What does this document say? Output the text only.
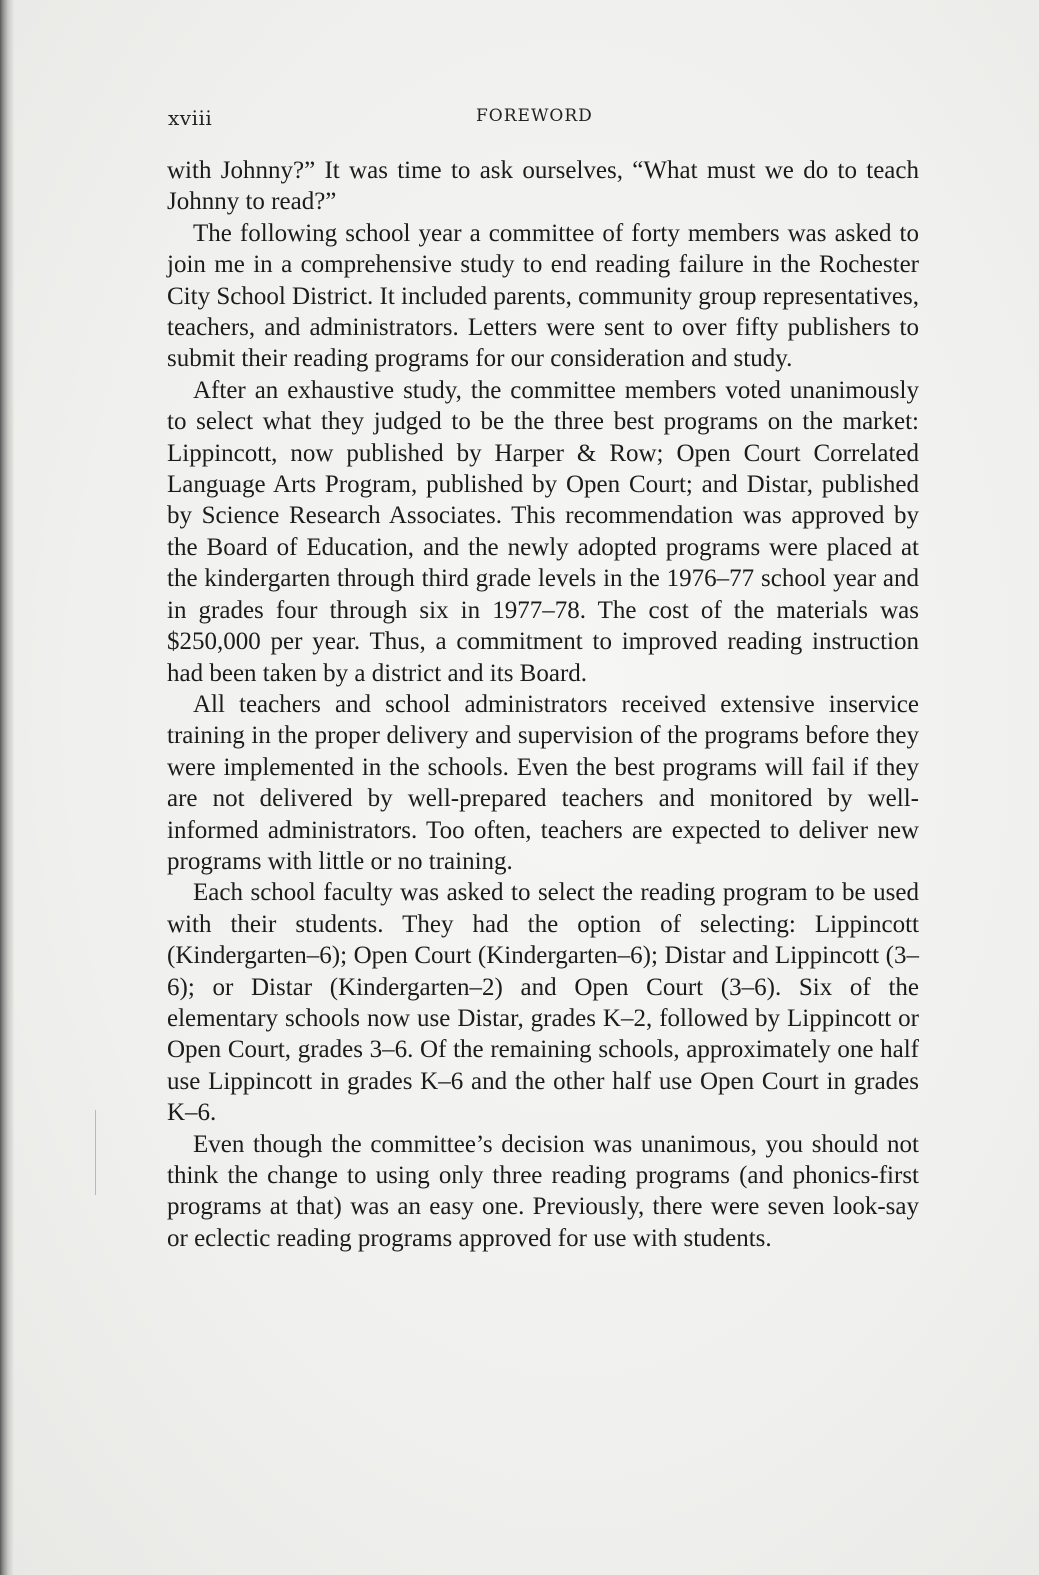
xviii	FOREWORD

with Johnny?” It was time to ask ourselves, “What must we do to teach Johnny to read?”

The following school year a committee of forty members was asked to join me in a comprehensive study to end reading failure in the Rochester City School District. It included parents, community group representatives, teachers, and administrators. Letters were sent to over fifty publishers to submit their reading programs for our consideration and study.

After an exhaustive study, the committee members voted unanimously to select what they judged to be the three best programs on the market: Lippincott, now published by Harper & Row; Open Court Correlated Language Arts Program, published by Open Court; and Distar, published by Science Research Associates. This recommendation was approved by the Board of Education, and the newly adopted programs were placed at the kindergarten through third grade levels in the 1976–77 school year and in grades four through six in 1977–78. The cost of the materials was $250,000 per year. Thus, a commitment to improved reading instruction had been taken by a district and its Board.

All teachers and school administrators received extensive inservice training in the proper delivery and supervision of the programs before they were implemented in the schools. Even the best programs will fail if they are not delivered by well-prepared teachers and monitored by well-informed administrators. Too often, teachers are expected to deliver new programs with little or no training.

Each school faculty was asked to select the reading program to be used with their students. They had the option of selecting: Lippincott (Kindergarten–6); Open Court (Kindergarten–6); Distar and Lippincott (3–6); or Distar (Kindergarten–2) and Open Court (3–6). Six of the elementary schools now use Distar, grades K–2, followed by Lippincott or Open Court, grades 3–6. Of the remaining schools, approximately one half use Lippincott in grades K–6 and the other half use Open Court in grades K–6.

Even though the committee’s decision was unanimous, you should not think the change to using only three reading programs (and phonics-first programs at that) was an easy one. Previously, there were seven look-say or eclectic reading programs approved for use with students.
